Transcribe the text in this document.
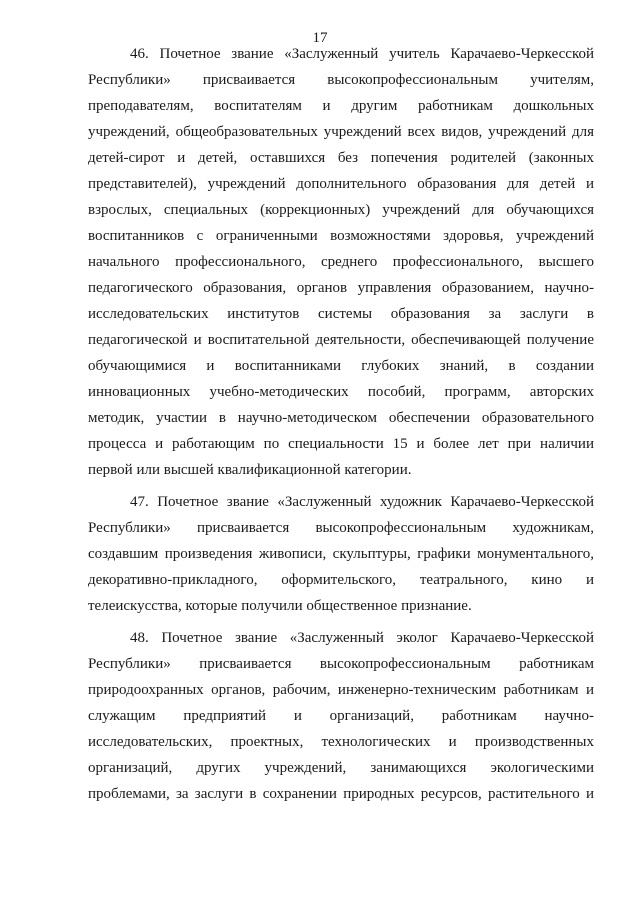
17
46. Почетное звание «Заслуженный учитель Карачаево-Черкесской
Республики» присваивается высокопрофессиональным учителям,
преподавателям, воспитателям и другим работникам дошкольных
учреждений, общеобразовательных учреждений всех видов, учреждений для
детей-сирот и детей, оставшихся без попечения родителей (законных
представителей), учреждений дополнительного образования для детей и
взрослых, специальных (коррекционных) учреждений для обучающихся
воспитанников с ограниченными возможностями здоровья, учреждений
начального профессионального, среднего профессионального, высшего
педагогического образования, органов управления образованием, научно-
исследовательских институтов системы образования за заслуги в
педагогической и воспитательной деятельности, обеспечивающей получение
обучающимися и воспитанниками глубоких знаний, в создании
инновационных учебно-методических пособий, программ, авторских
методик, участии в научно-методическом обеспечении образовательного
процесса и работающим по специальности 15 и более лет при наличии
первой или высшей квалификационной категории.
47. Почетное звание «Заслуженный художник Карачаево-Черкесской
Республики» присваивается высокопрофессиональным художникам,
создавшим произведения живописи, скульптуры, графики монументального,
декоративно-прикладного, оформительского, театрального, кино и
телеискусства, которые получили общественное признание.
48. Почетное звание «Заслуженный эколог Карачаево-Черкесской
Республики» присваивается высокопрофессиональным работникам
природоохранных органов, рабочим, инженерно-техническим работникам и
служащим предприятий и организаций, работникам научно-
исследовательских, проектных, технологических и производственных
организаций, других учреждений, занимающихся экологическими
проблемами, за заслуги в сохранении природных ресурсов, растительного и
